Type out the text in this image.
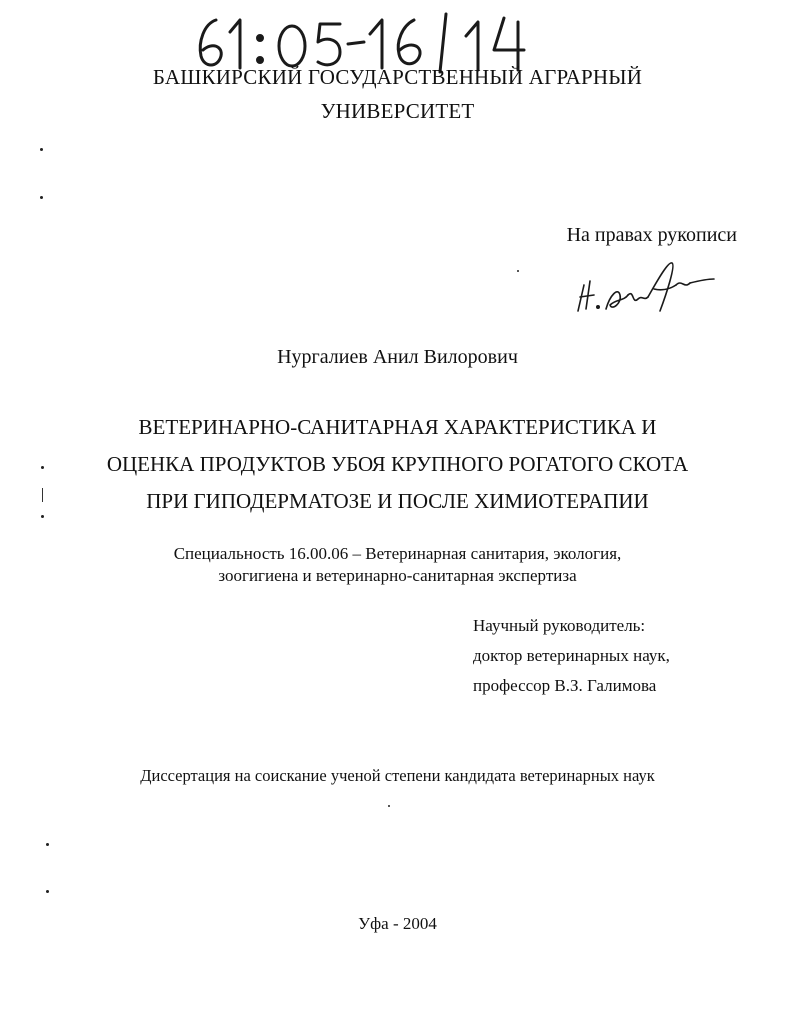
БАШКИРСКИЙ ГОСУДАРСТВЕННЫЙ АГРАРНЫЙ
УНИВЕРСИТЕТ
На правах рукописи
Нургалиев Анил Вилорович
ВЕТЕРИНАРНО-САНИТАРНАЯ ХАРАКТЕРИСТИКА И
ОЦЕНКА ПРОДУКТОВ УБОЯ КРУПНОГО РОГАТОГО СКОТА
ПРИ ГИПОДЕРМАТОЗЕ И ПОСЛЕ ХИМИОТЕРАПИИ
Специальность 16.00.06 – Ветеринарная санитария, экология,
зоогигиена и ветеринарно-санитарная экспертиза
Научный руководитель:
доктор ветеринарных наук,
профессор В.З. Галимова
Диссертация на соискание ученой степени кандидата ветеринарных наук
Уфа - 2004
